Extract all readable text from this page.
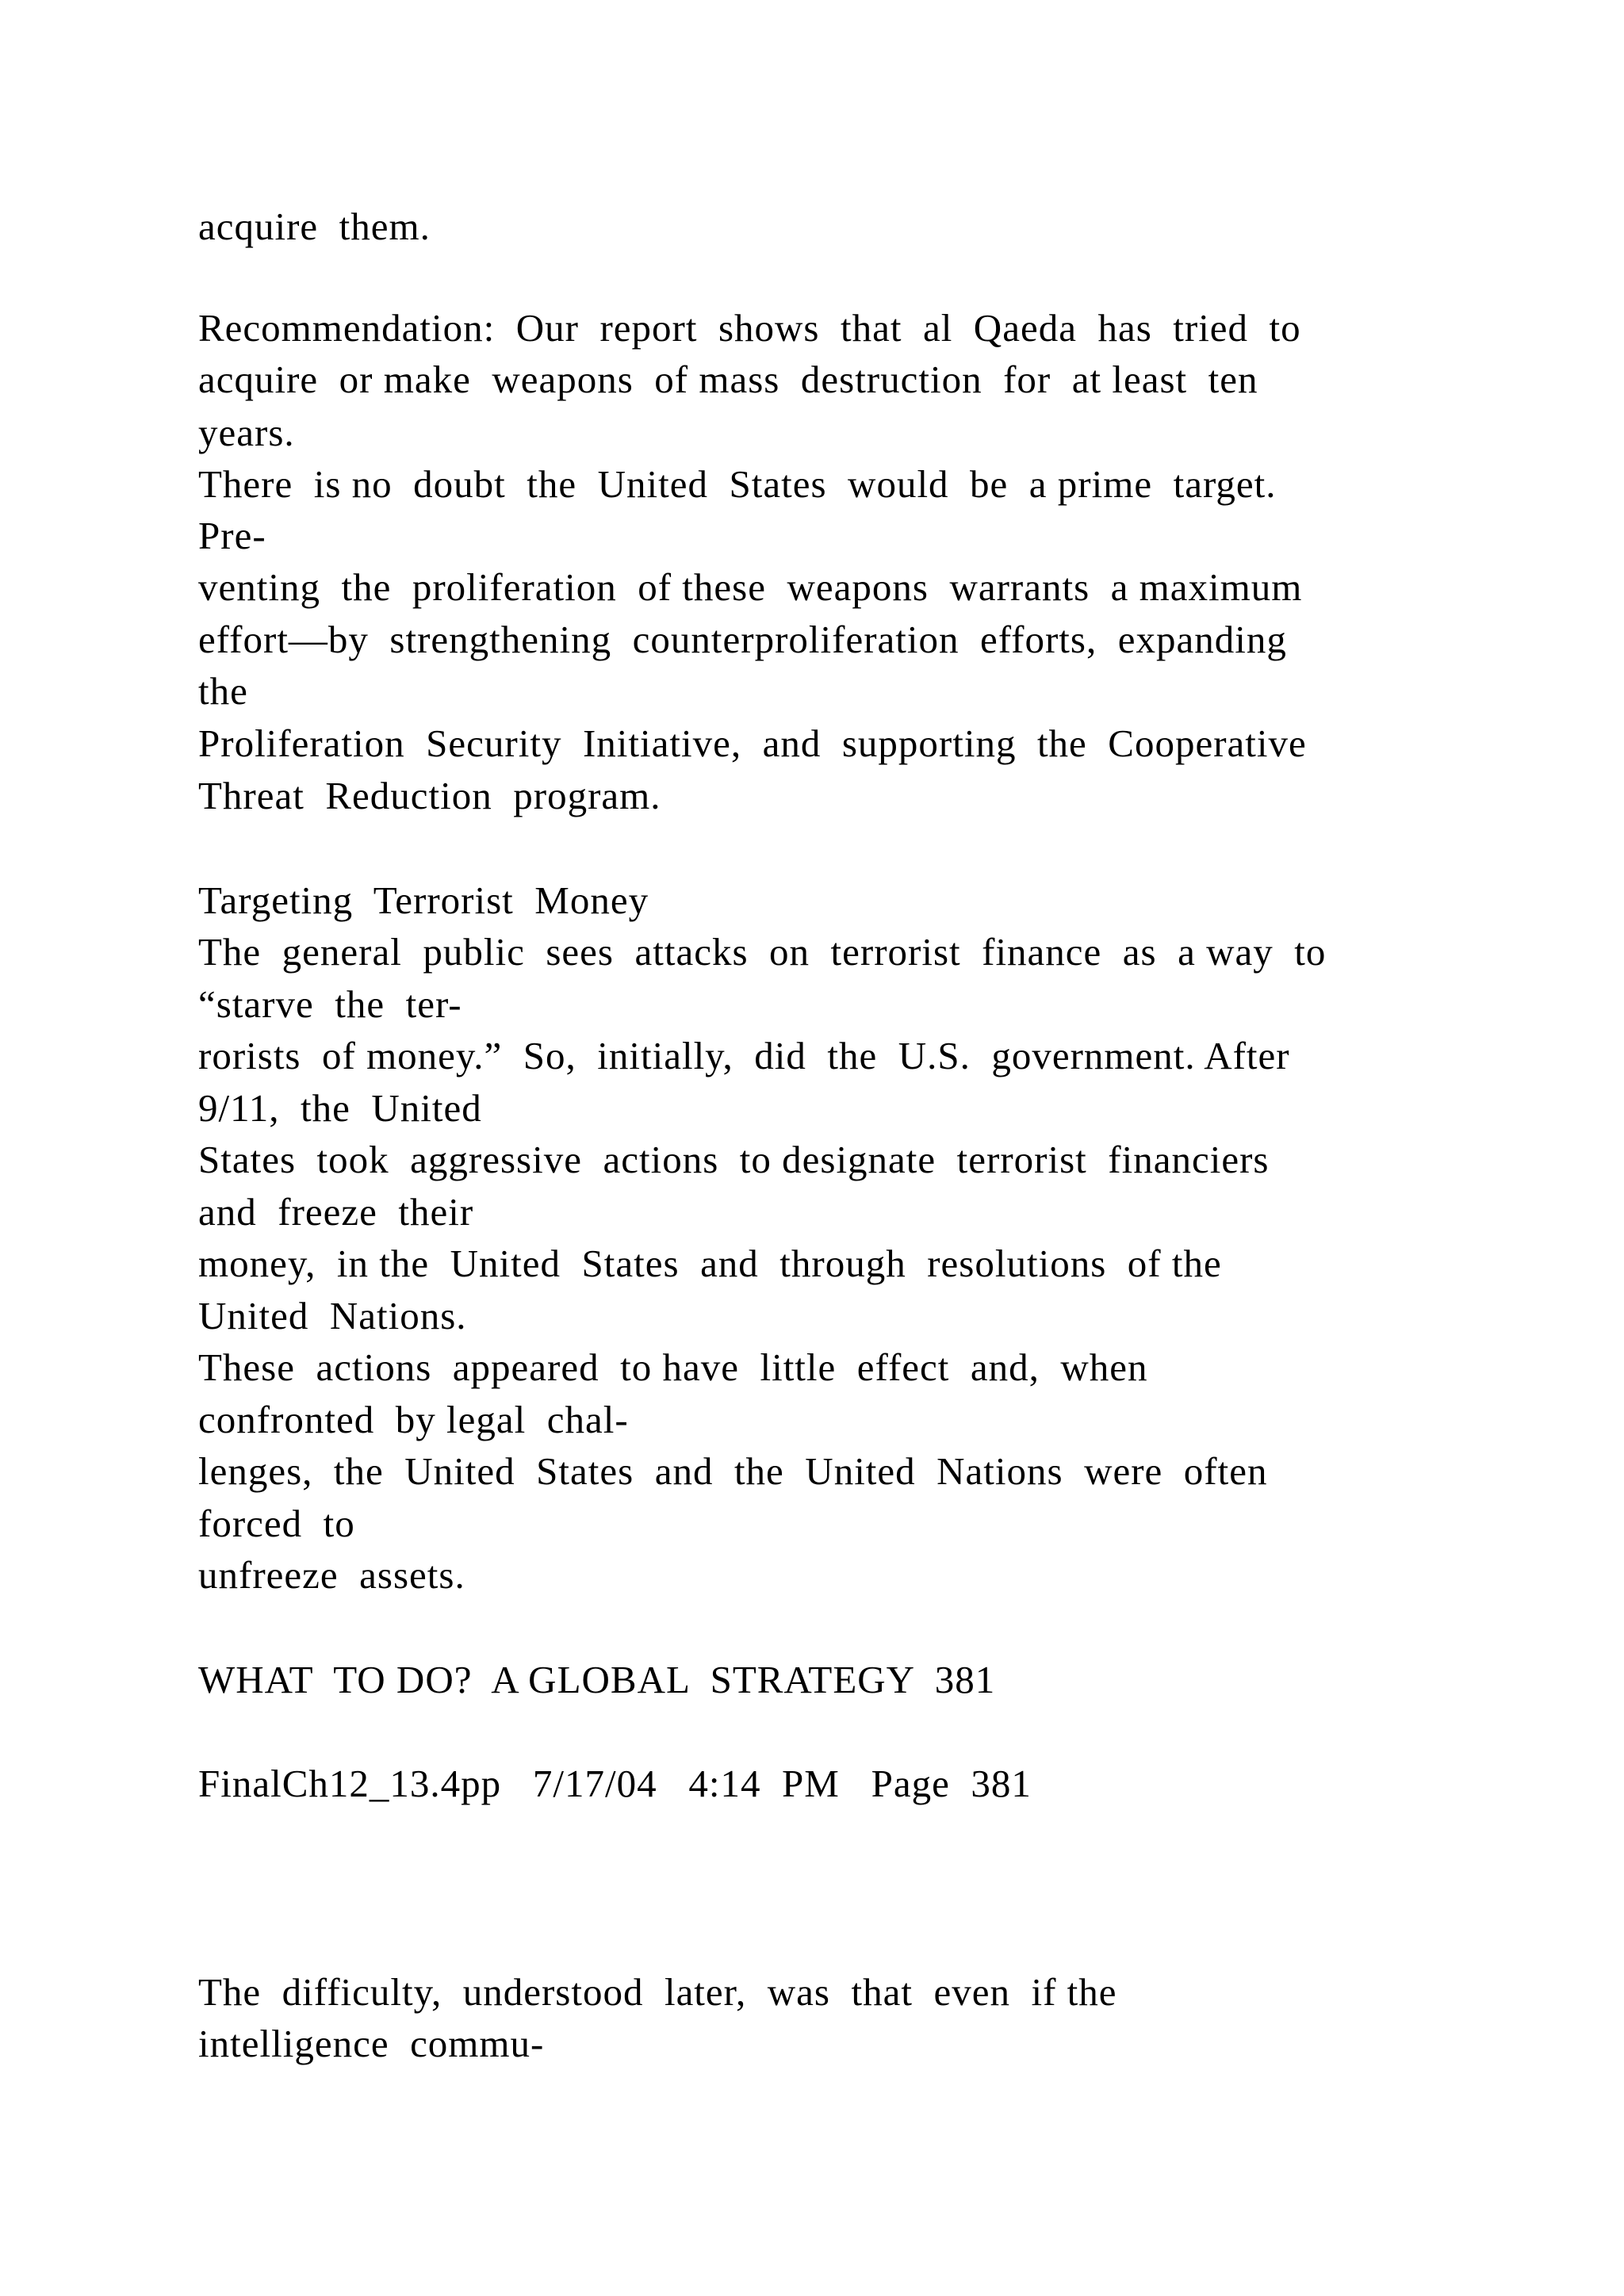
acquire  them.
Recommendation:  Our  report  shows  that  al  Qaeda  has  tried  to
acquire  or make  weapons  of mass  destruction  for  at least  ten
years.
There  is no  doubt  the  United  States  would  be  a prime  target.
Pre-
venting  the  proliferation  of these  weapons  warrants  a maximum
effort—by  strengthening  counterproliferation  efforts,  expanding
the
Proliferation  Security  Initiative,  and  supporting  the  Cooperative
Threat  Reduction  program.
Targeting  Terrorist  Money
The  general  public  sees  attacks  on  terrorist  finance  as  a way  to
“starve  the  ter-
rorists  of money.”  So,  initially,  did  the  U.S.  government. After
9/11,  the  United
States  took  aggressive  actions  to designate  terrorist  financiers
and  freeze  their
money,  in the  United  States  and  through  resolutions  of the
United  Nations.
These  actions  appeared  to have  little  effect  and,  when
confronted  by legal  chal-
lenges,  the  United  States  and  the  United  Nations  were  often
forced  to
unfreeze  assets.
WHAT  TO DO?  A GLOBAL  STRATEGY  381
FinalCh12_13.4pp   7/17/04   4:14  PM   Page  381
The  difficulty,  understood  later,  was  that  even  if the
intelligence  commu-
